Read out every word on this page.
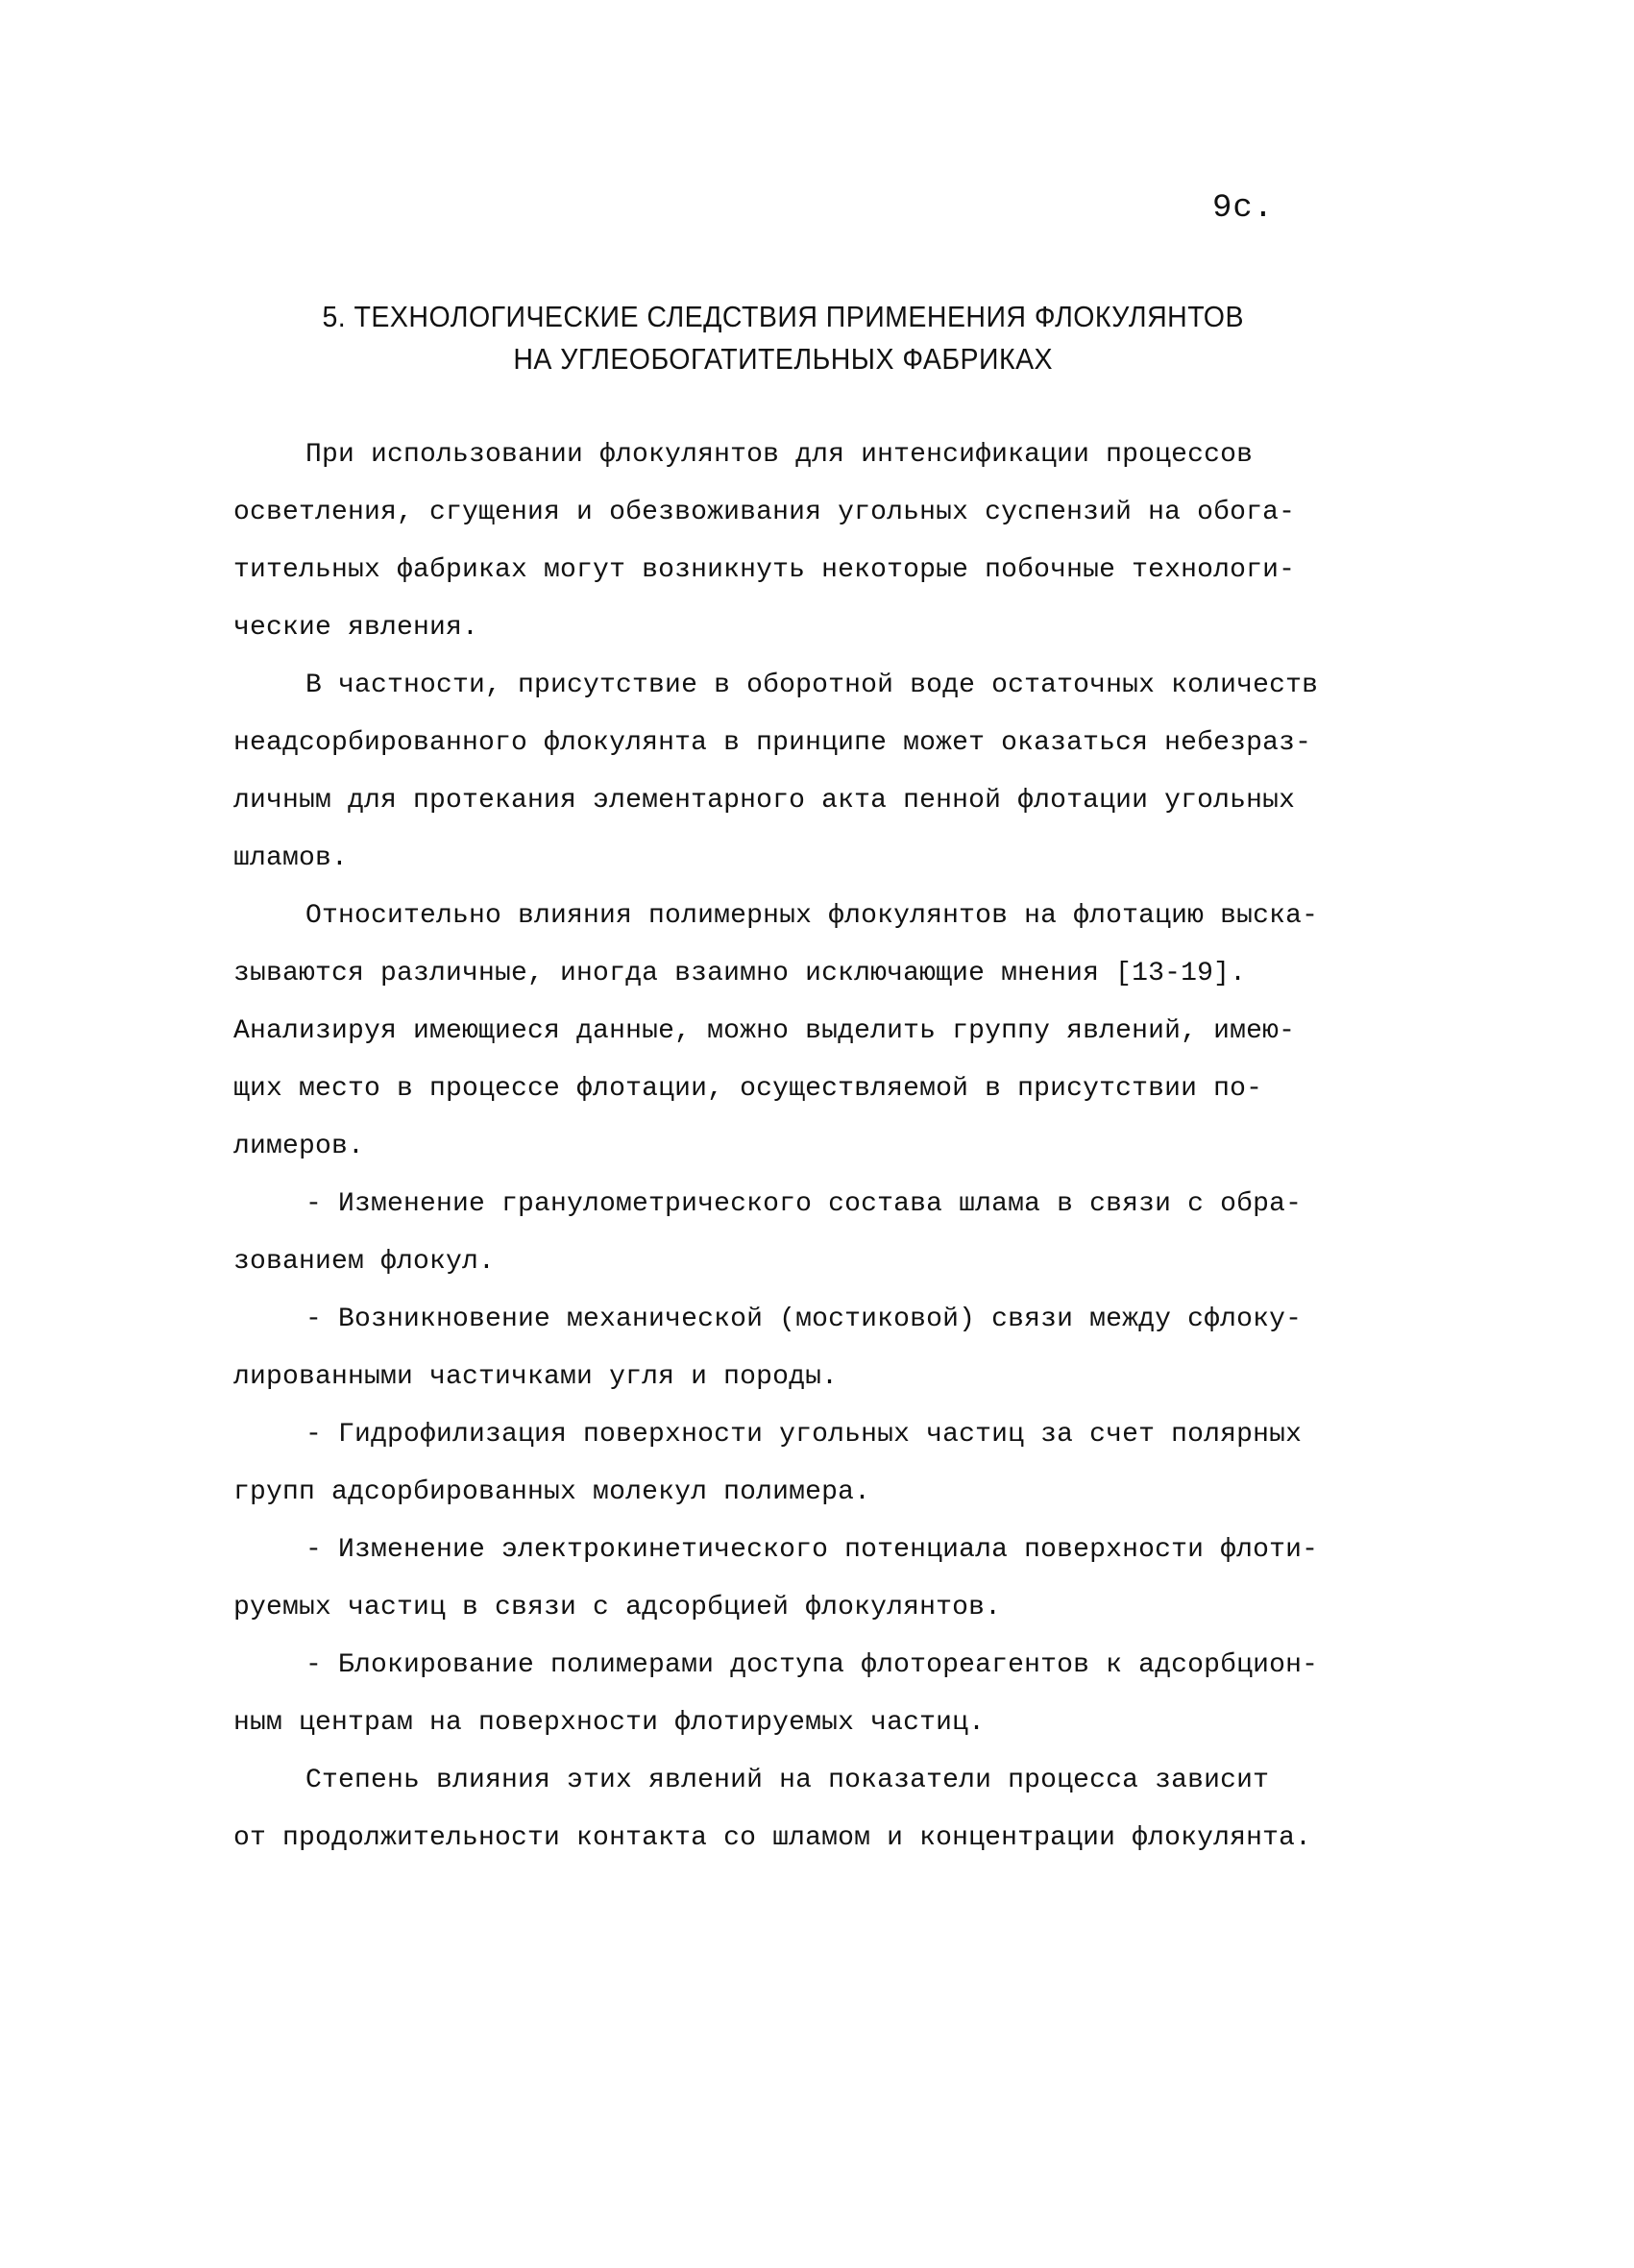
9с.
5. ТЕХНОЛОГИЧЕСКИЕ СЛЕДСТВИЯ ПРИМЕНЕНИЯ ФЛОКУЛЯНТОВ
НА УГЛЕОБОГАТИТЕЛЬНЫХ ФАБРИКАХ
При использовании флокулянтов для интенсификации процессов
осветления, сгущения и обезвоживания угольных суспензий на обога-
тительных фабриках могут возникнуть некоторые побочные технологи-
ческие явления.
В частности, присутствие в оборотной воде остаточных количеств
неадсорбированного флокулянта в принципе может оказаться небезраз-
личным для протекания элементарного акта пенной флотации угольных
шламов.
Относительно влияния полимерных флокулянтов на флотацию выска-
зываются различные, иногда взаимно исключающие мнения [13-19].
Анализируя имеющиеся данные, можно выделить группу явлений, имею-
щих место в процессе флотации, осуществляемой в присутствии по-
лимеров.
- Изменение гранулометрического состава шлама в связи с обра-
зованием флокул.
- Возникновение механической (мостиковой) связи между сфлоку-
лированными частичками угля и породы.
- Гидрофилизация поверхности угольных частиц за счет полярных
групп адсорбированных молекул полимера.
- Изменение электрокинетического потенциала поверхности флоти-
руемых частиц в связи с адсорбцией флокулянтов.
- Блокирование полимерами доступа флотореагентов к адсорбцион-
ным центрам на поверхности флотируемых частиц.
Степень влияния этих явлений на показатели процесса зависит
от продолжительности контакта со шламом и концентрации флокулянта.
